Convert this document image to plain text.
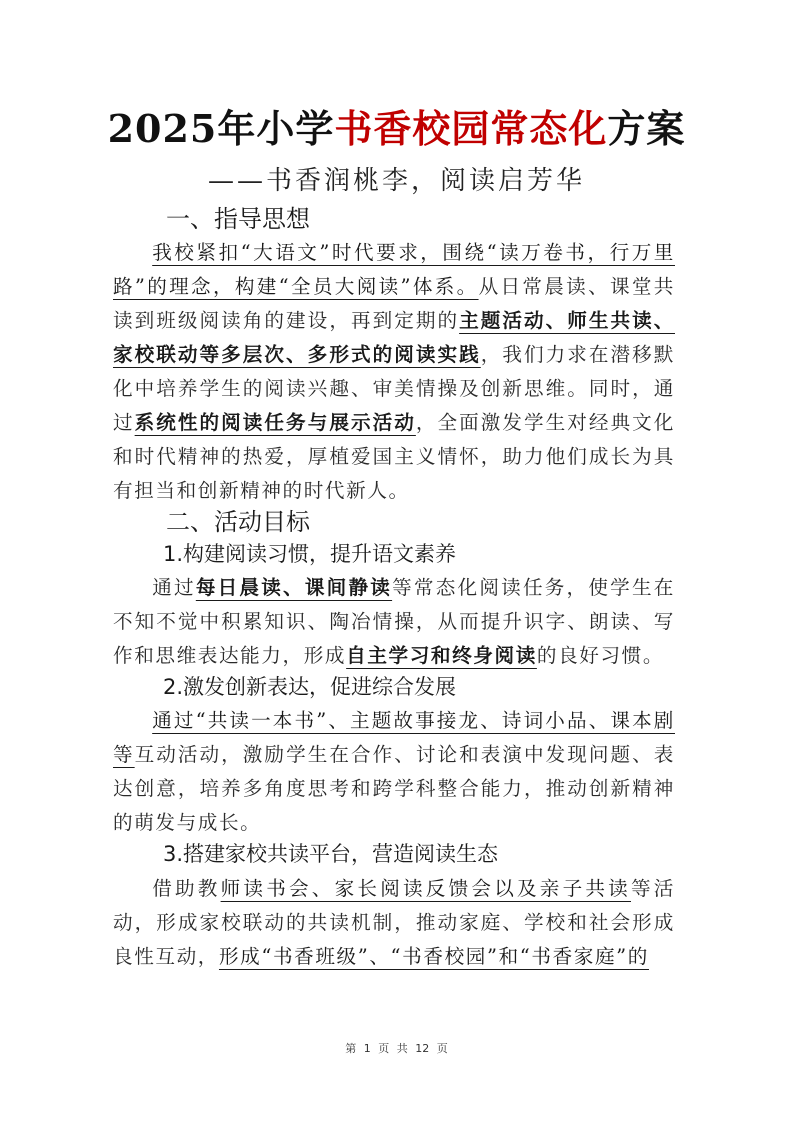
2025年小学书香校园常态化方案
——书香润桃李，阅读启芳华
一、指导思想
我校紧扣“大语文”时代要求，围绕“读万卷书，行万里路”的理念，构建“全员大阅读”体系。从日常晨读、课堂共读到班级阅读角的建设，再到定期的主题活动、师生共读、家校联动等多层次、多形式的阅读实践，我们力求在潜移默化中培养学生的阅读兴趣、审美情操及创新思维。同时，通过系统性的阅读任务与展示活动，全面激发学生对经典文化和时代精神的热爱，厚植爱国主义情怀，助力他们成长为具有担当和创新精神的时代新人。
二、活动目标
1.构建阅读习惯，提升语文素养
通过每日晨读、课间静读等常态化阅读任务，使学生在不知不觉中积累知识、陶冶情操，从而提升识字、朗读、写作和思维表达能力，形成自主学习和终身阅读的良好习惯。
2.激发创新表达，促进综合发展
通过“共读一本书”、主题故事接龙、诗词小品、课本剧等互动活动，激励学生在合作、讨论和表演中发现问题、表达创意，培养多角度思考和跨学科整合能力，推动创新精神的萌发与成长。
3.搭建家校共读平台，营造阅读生态
借助教师读书会、家长阅读反馈会以及亲子共读等活动，形成家校联动的共读机制，推动家庭、学校和社会形成良性互动，形成“书香班级”、“书香校园”和“书香家庭”的
第 1 页 共 12 页
